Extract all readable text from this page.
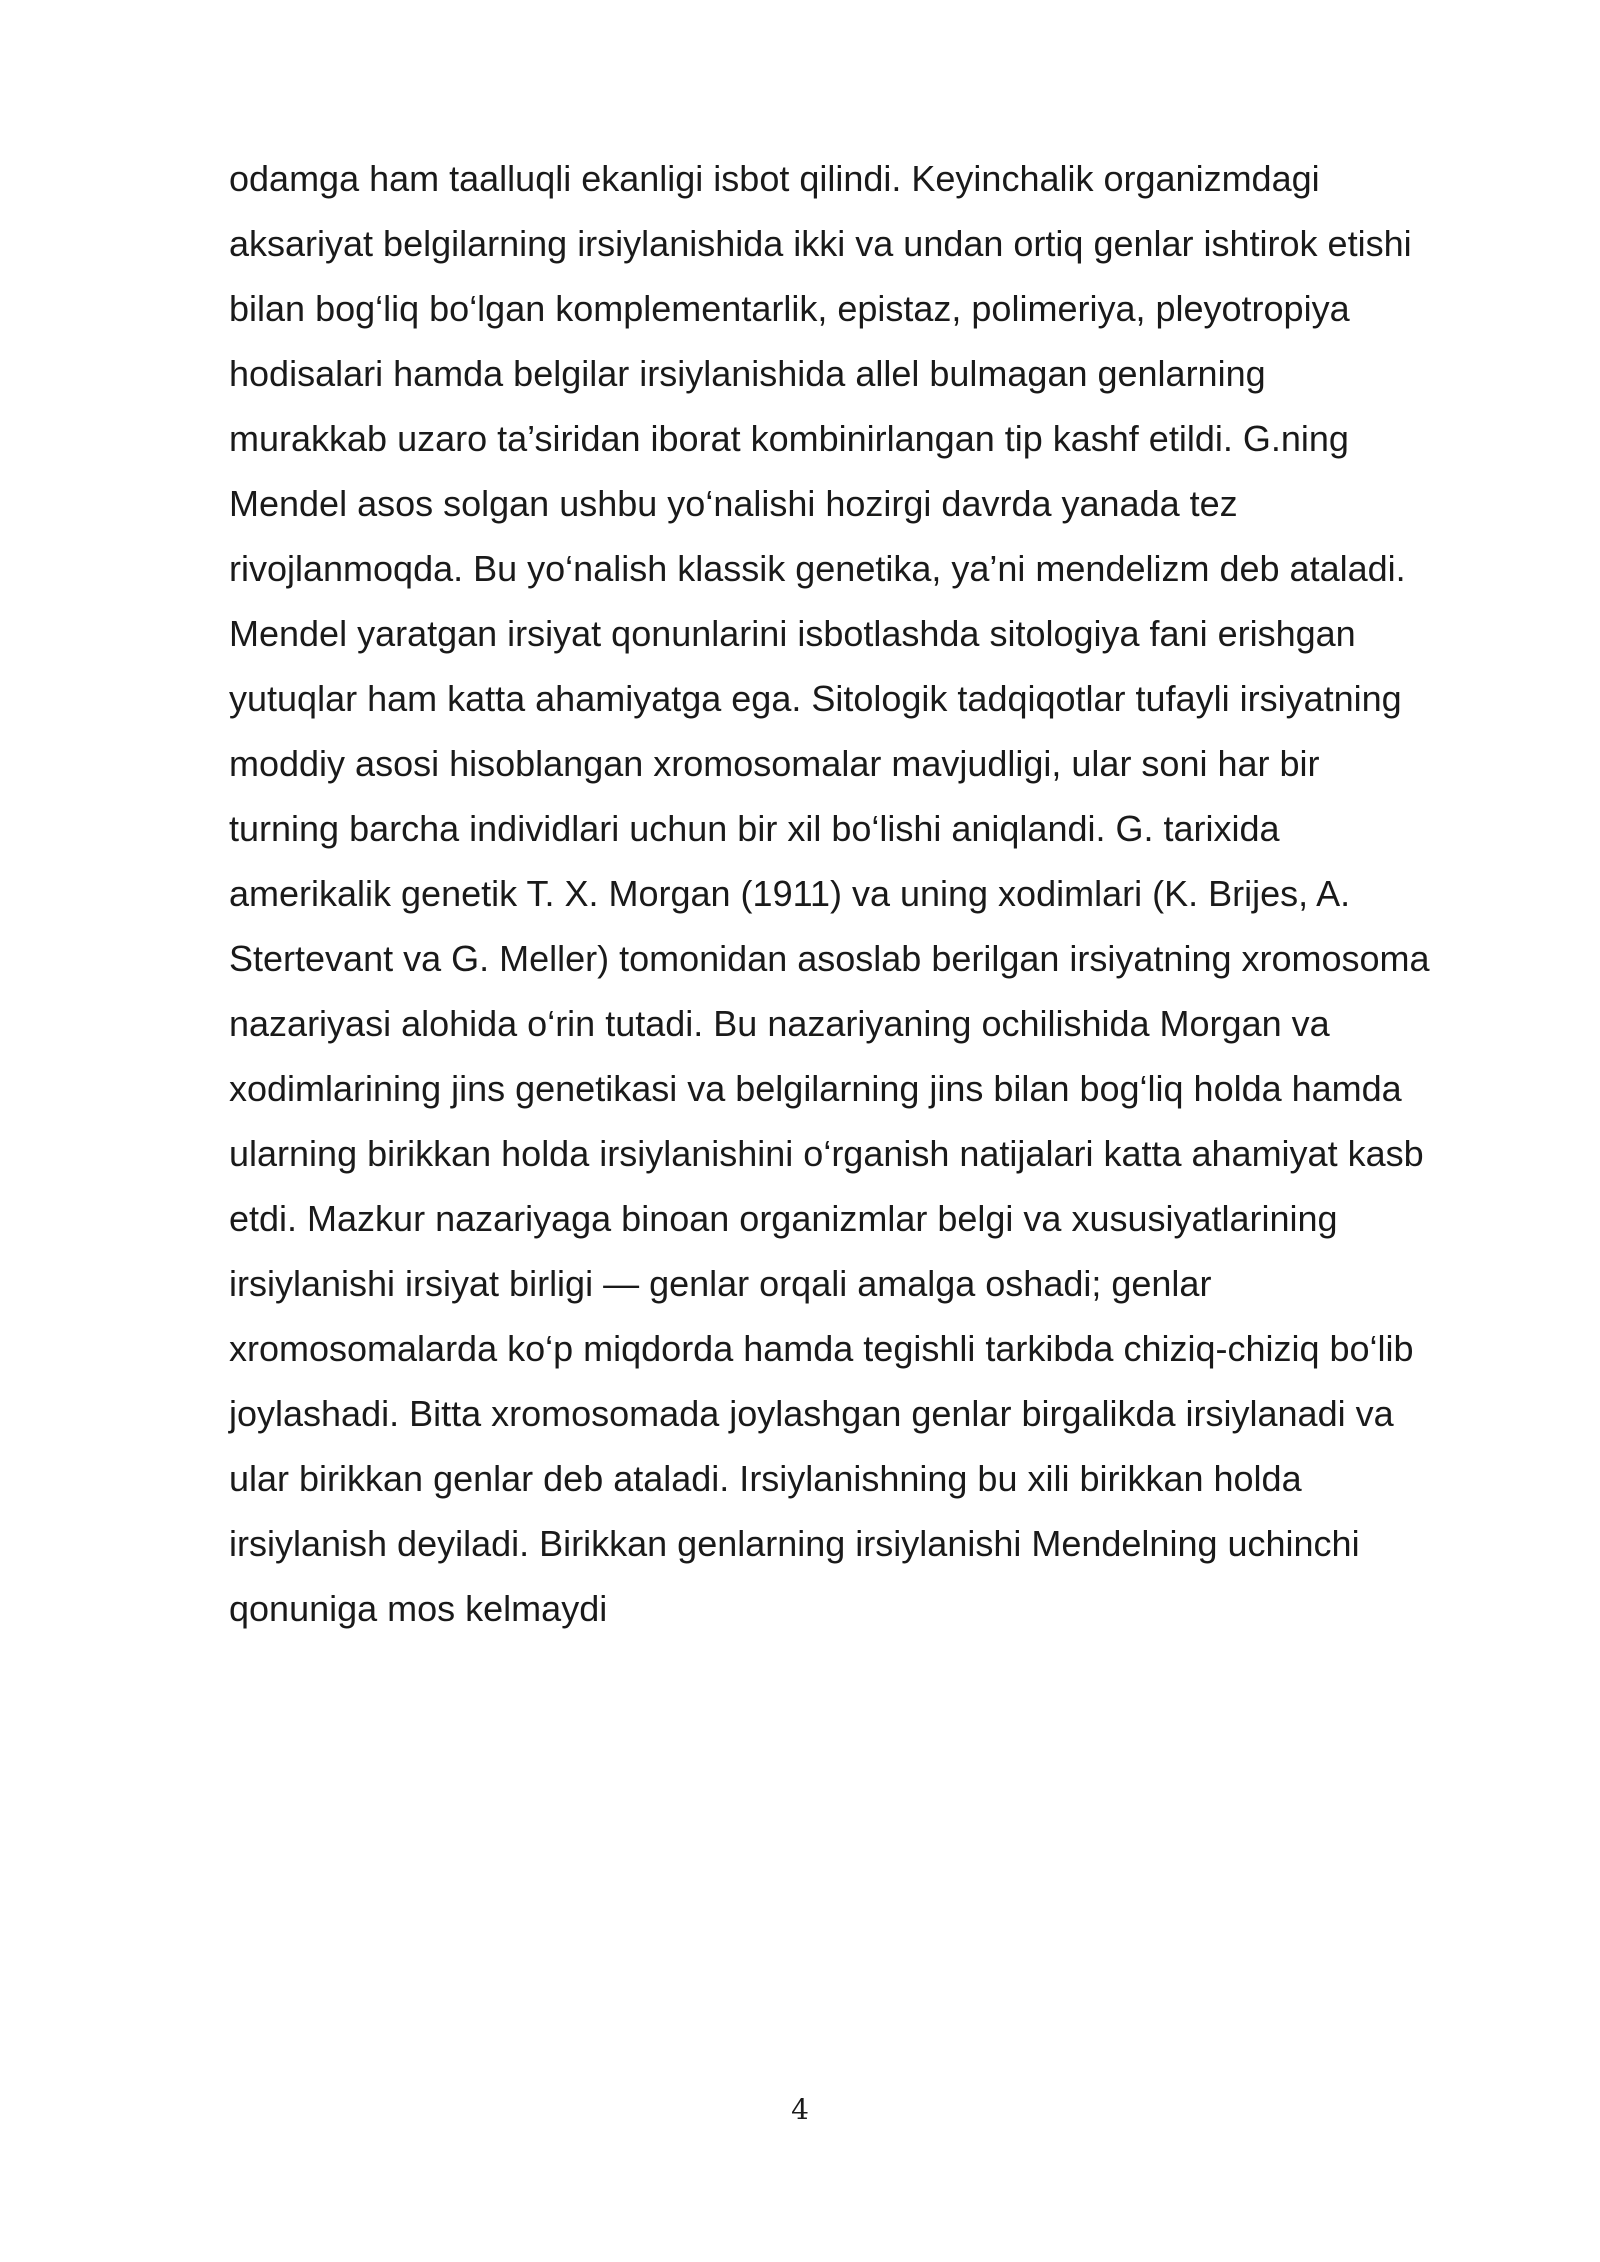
odamga ham taalluqli ekanligi isbot qilindi. Keyinchalik organizmdagi
aksariyat belgilarning irsiylanishida ikki va undan ortiq genlar ishtirok etishi
bilan bog‘liq bo‘lgan komplementarlik, epistaz, polimeriya, pleyotropiya
hodisalari hamda belgilar irsiylanishida allel bulmagan genlarning
murakkab uzaro ta’siridan iborat kombinirlangan tip kashf etildi. G.ning
Mendel asos solgan ushbu yo‘nalishi hozirgi davrda yanada tez
rivojlanmoqda. Bu yo‘nalish klassik genetika, ya’ni mendelizm deb ataladi.
Mendel yaratgan irsiyat qonunlarini isbotlashda sitologiya fani erishgan
yutuqlar ham katta ahamiyatga ega. Sitologik tadqiqotlar tufayli irsiyatning
moddiy asosi hisoblangan xromosomalar mavjudligi, ular soni har bir
turning barcha individlari uchun bir xil bo‘lishi aniqlandi. G. tarixida
amerikalik genetik T. X. Morgan (1911) va uning xodimlari (K. Brijes, A.
Stertevant va G. Meller) tomonidan asoslab berilgan irsiyatning xromosoma
nazariyasi alohida o‘rin tutadi. Bu nazariyaning ochilishida Morgan va
xodimlarining jins genetikasi va belgilarning jins bilan bog‘liq holda hamda
ularning birikkan holda irsiylanishini o‘rganish natijalari katta ahamiyat kasb
etdi. Mazkur nazariyaga binoan organizmlar belgi va xususiyatlarining
irsiylanishi irsiyat birligi — genlar orqali amalga oshadi; genlar
xromosomalarda ko‘p miqdorda hamda tegishli tarkibda chiziq-chiziq bo‘lib
joylashadi. Bitta xromosomada joylashgan genlar birgalikda irsiylanadi va
ular birikkan genlar deb ataladi. Irsiylanishning bu xili birikkan holda
irsiylanish deyiladi. Birikkan genlarning irsiylanishi Mendelning uchinchi
qonuniga mos kelmaydi
4
